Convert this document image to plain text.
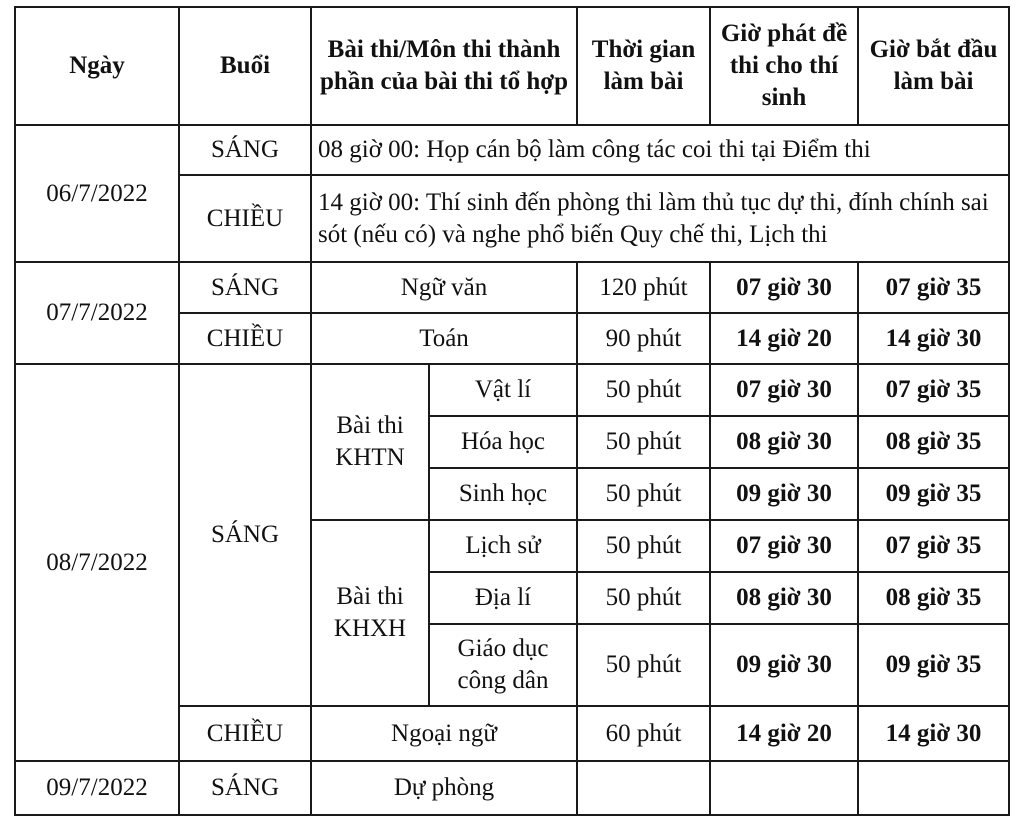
Ngày	Buổi	Bài thi/Môn thi thành phần của bài thi tổ hợp		Thời gian làm bài	Giờ phát đề thi cho thí sinh	Giờ bắt đầu làm bài
06/7/2022	SÁNG	08 giờ 00: Họp cán bộ làm công tác coi thi tại Điểm thi				
	CHIỀU	14 giờ 00: Thí sinh đến phòng thi làm thủ tục dự thi, đính chính sai sót (nếu có) và nghe phổ biến Quy chế thi, Lịch thi				
07/7/2022	SÁNG	Ngữ văn		120 phút	07 giờ 30	07 giờ 35
	CHIỀU	Toán		90 phút	14 giờ 20	14 giờ 30
08/7/2022	SÁNG	Bài thi KHTN	Vật lí	50 phút	07 giờ 30	07 giờ 35
			Hóa học	50 phút	08 giờ 30	08 giờ 35
			Sinh học	50 phút	09 giờ 30	09 giờ 35
		Bài thi KHXH	Lịch sử	50 phút	07 giờ 30	07 giờ 35
			Địa lí	50 phút	08 giờ 30	08 giờ 35
			Giáo dục công dân	50 phút	09 giờ 30	09 giờ 35
	CHIỀU	Ngoại ngữ		60 phút	14 giờ 20	14 giờ 30
09/7/2022	SÁNG	Dự phòng				
